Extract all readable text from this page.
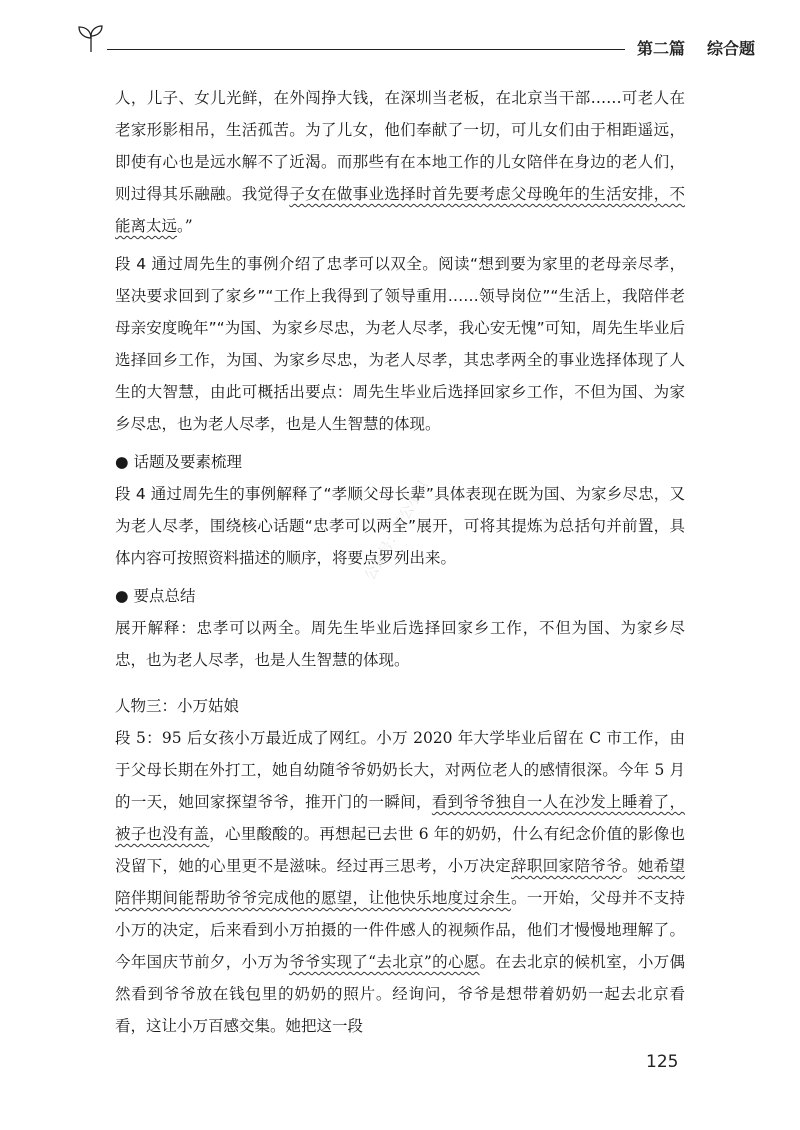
第二篇 综合题

人，儿子、女儿光鲜，在外闯挣大钱，在深圳当老板，在北京当干部……可老人在老家形影相吊，生活孤苦。为了儿女，他们奉献了一切，可儿女们由于相距遥远，即使有心也是远水解不了近渴。而那些有在本地工作的儿女陪伴在身边的老人们，则过得其乐融融。我觉得子女在做事业选择时首先要考虑父母晚年的生活安排，不能离太远。”

段 4 通过周先生的事例介绍了忠孝可以双全。阅读“想到要为家里的老母亲尽孝，坚决要求回到了家乡”“工作上我得到了领导重用……领导岗位”“生活上，我陪伴老母亲安度晚年”“为国、为家乡尽忠，为老人尽孝，我心安无愧”可知，周先生毕业后选择回乡工作，为国、为家乡尽忠，为老人尽孝，其忠孝两全的事业选择体现了人生的大智慧，由此可概括出要点：周先生毕业后选择回家乡工作，不但为国、为家乡尽忠，也为老人尽孝，也是人生智慧的体现。

● 话题及要素梳理

段 4 通过周先生的事例解释了“孝顺父母长辈”具体表现在既为国、为家乡尽忠，又为老人尽孝，围绕核心话题“忠孝可以两全”展开，可将其提炼为总括句并前置，具体内容可按照资料描述的顺序，将要点罗列出来。

● 要点总结

展开解释：忠孝可以两全。周先生毕业后选择回家乡工作，不但为国、为家乡尽忠，也为老人尽孝，也是人生智慧的体现。

人物三：小万姑娘

段 5：95 后女孩小万最近成了网红。小万 2020 年大学毕业后留在 C 市工作，由于父母长期在外打工，她自幼随爷爷奶奶长大，对两位老人的感情很深。今年 5 月的一天，她回家探望爷爷，推开门的一瞬间，看到爷爷独自一人在沙发上睡着了，被子也没有盖，心里酸酸的。再想起已去世 6 年的奶奶，什么有纪念价值的影像也没留下，她的心里更不是滋味。经过再三思考，小万决定辞职回家陪爷爷。她希望陪伴期间能帮助爷爷完成他的愿望，让他快乐地度过余生。一开始，父母并不支持小万的决定，后来看到小万拍摄的一件件感人的视频作品，他们才慢慢地理解了。今年国庆节前夕，小万为爷爷实现了“去北京”的心愿。在去北京的候机室，小万偶然看到爷爷放在钱包里的奶奶的照片。经询问，爷爷是想带着奶奶一起去北京看看，这让小万百感交集。她把这一段

公众号：考公小组
125
